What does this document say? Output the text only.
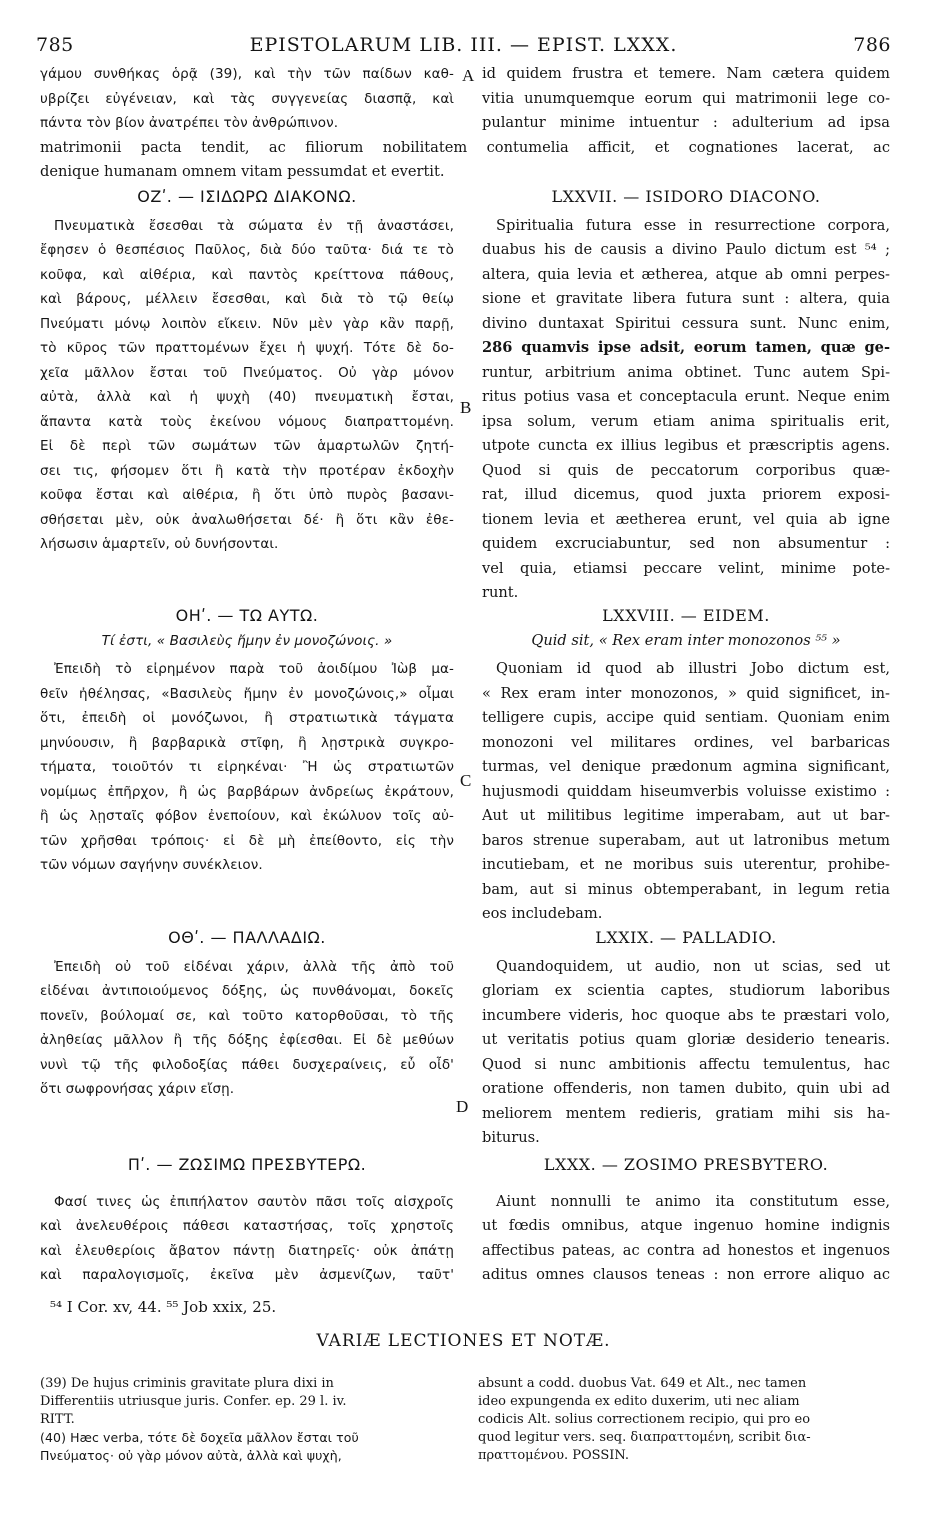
785	EPISTOLARUM LIB. III. — EPIST. LXXX.	786
γάμου συνθήκας ὁρᾷ (39), καὶ τὴν τῶν παίδων καθ-
υβρίζει εὐγένειαν, καὶ τὰς συγγενείας διασπᾷ, καὶ
πάντα τὸν βίον ἀνατρέπει τὸν ἀνθρώπινον.
id quidem frustra et temere. Nam cætera quidem
vitia unumquemque eorum qui matrimonii lege co-
pulantur minime intuentur : adulterium ad ipsa
matrimonii pacta tendit, ac filiorum nobilitatem contumelia afficit, et cognationes lacerat, ac
denique humanam omnem vitam pessumdat et evertit.
ΟΖʹ. — ΙΣΙΔΩΡΩ ΔΙΑΚΟΝΩ.
Πνευματικὰ ἔσεσθαι τὰ σώματα ἐν τῇ ἀναστάσει,
ἔφησεν ὁ θεσπέσιος Παῦλος, διὰ δύο ταῦτα· διά τε τὸ
κοῦφα, καὶ αἰθέρια, καὶ παντὸς κρείττονα πάθους,
καὶ βάρους, μέλλειν ἔσεσθαι, καὶ διὰ τὸ τῷ θείῳ
Πνεύματι μόνῳ λοιπὸν εἴκειν. Νῦν μὲν γὰρ κἂν παρῇ,
τὸ κῦρος τῶν πραττομένων ἔχει ἡ ψυχή. Τότε δὲ δο-
χεῖα μᾶλλον ἔσται τοῦ Πνεύματος. Οὐ γὰρ μόνον
αὐτὰ, ἀλλὰ καὶ ἡ ψυχὴ (40) πνευματικὴ ἔσται,
ἅπαντα κατὰ τοὺς ἐκείνου νόμους διαπραττομένη.
Εἰ δὲ περὶ τῶν σωμάτων τῶν ἁμαρτωλῶν ζητή-
σει τις, φήσομεν ὅτι ἢ κατὰ τὴν προτέραν ἐκδοχὴν
κοῦφα ἔσται καὶ αἰθέρια, ἢ ὅτι ὑπὸ πυρὸς βασανι-
σθήσεται μὲν, οὐκ ἀναλωθήσεται δέ· ἢ ὅτι κἂν ἐθε-
λήσωσιν ἁμαρτεῖν, οὐ δυνήσονται.
LXXVII. — ISIDORO DIACONO.
Spiritualia futura esse in resurrectione corpora,
duabus his de causis a divino Paulo dictum est ⁵⁴ ;
altera, quia levia et ætherea, atque ab omni perpes-
sione et gravitate libera futura sunt : altera, quia
divino duntaxat Spiritui cessura sunt. Nunc enim,
286 quamvis ipse adsit, eorum tamen, quæ ge-
runtur, arbitrium anima obtinet. Tunc autem Spi-
ritus potius vasa et conceptacula erunt. Neque enim
ipsa solum, verum etiam anima spiritualis erit,
utpote cuncta ex illius legibus et præscriptis agens.
Quod si quis de peccatorum corporibus quæ-
rat, illud dicemus, quod juxta priorem exposi-
tionem levia et æetherea erunt, vel quia ab igne
quidem excruciabuntur, sed non absumentur :
vel quia, etiamsi peccare velint, minime pote-
runt.
ΟΗʹ. — ΤΩ ΑΥΤΩ.
Τί ἐστι, « Βασιλεὺς ἤμην ἐν μονοζώνοις. »
Ἐπειδὴ τὸ εἰρημένον παρὰ τοῦ ἀοιδίμου Ἰὼβ μα-
θεῖν ἠθέλησας, «Βασιλεὺς ἤμην ἐν μονοζώνοις,» οἶμαι
ὅτι, ἐπειδὴ οἱ μονόζωνοι, ἢ στρατιωτικὰ τάγματα
μηνύουσιν, ἢ βαρβαρικὰ στῖφη, ἢ λῃστρικὰ συγκρο-
τήματα, τοιοῦτόν τι εἰρηκέναι· Ἢ ὡς στρατιωτῶν
νομίμως ἐπῆρχον, ἢ ὡς βαρβάρων ἀνδρείως ἐκράτουν,
ἢ ὡς λῃσταῖς φόβον ἐνεποίουν, καὶ ἐκώλυον τοῖς αὐ-
τῶν χρῆσθαι τρόποις· εἰ δὲ μὴ ἐπείθοντο, εἰς τὴν
τῶν νόμων σαγήνην συνέκλειον.
LXXVIII. — EIDEM.
Quid sit, « Rex eram inter monozonos ⁵⁵ »
Quoniam id quod ab illustri Jobo dictum est,
« Rex eram inter monozonos, » quid significet, in-
telligere cupis, accipe quid sentiam. Quoniam enim
monozoni vel militares ordines, vel barbaricas
turmas, vel denique prædonum agmina significant,
hujusmodi quiddam hiseumverbis voluisse existimo :
Aut ut militibus legitime imperabam, aut ut bar-
baros strenue superabam, aut ut latronibus metum
incutiebam, et ne moribus suis uterentur, prohibe-
bam, aut si minus obtemperabant, in legum retia
eos includebam.
ΟΘʹ. — ΠΑΛΛΑΔΙΩ.
Ἐπειδὴ οὐ τοῦ εἰδέναι χάριν, ἀλλὰ τῆς ἀπὸ τοῦ
εἰδέναι ἀντιποιούμενος δόξης, ὡς πυνθάνομαι, δοκεῖς
πονεῖν, βούλομαί σε, καὶ τοῦτο κατορθοῦσαι, τὸ τῆς
ἀληθείας μᾶλλον ἢ τῆς δόξης ἐφίεσθαι. Εἰ δὲ μεθύων
νυνὶ τῷ τῆς φιλοδοξίας πάθει δυσχεραίνεις, εὖ οἶδ'
ὅτι σωφρονήσας χάριν εἴσῃ.
LXXIX. — PALLADIO.
Quandoquidem, ut audio, non ut scias, sed ut
gloriam ex scientia captes, studiorum laboribus
incumbere videris, hoc quoque abs te præstari volo,
ut veritatis potius quam gloriæ desiderio tenearis.
Quod si nunc ambitionis affectu temulentus, hac
oratione offenderis, non tamen dubito, quin ubi ad
meliorem mentem redieris, gratiam mihi sis ha-
biturus.
Πʹ. — ΖΩΣΙΜΩ ΠΡΕΣΒΥΤΕΡΩ.
Φασί τινες ὡς ἐπιπήλατον σαυτὸν πᾶσι τοῖς αἰσχροῖς
καὶ ἀνελευθέροις πάθεσι καταστήσας, τοῖς χρηστοῖς
καὶ ἐλευθερίοις ἄβατον πάντῃ διατηρεῖς· οὐκ ἀπάτῃ
καὶ παραλογισμοῖς, ἐκεῖνα μὲν ἀσμενίζων, ταῦτ'
LXXX. — ZOSIMO PRESBYTERO.
Aiunt nonnulli te animo ita constitutum esse,
ut fœdis omnibus, atque ingenuo homine indignis
affectibus pateas, ac contra ad honestos et ingenuos
aditus omnes clausos teneas : non errore aliquo ac
A
B
C
D
⁵⁴ I Cor. xv, 44. ⁵⁵ Job xxix, 25.
VARIÆ LECTIONES ET NOTÆ.
(39) De hujus criminis gravitate plura dixi in
Differentiis utriusque juris. Confer. ep. 29 l. iv.
RITT.
(40) Hæc verba, τότε δὲ δοχεῖα μᾶλλον ἔσται τοῦ
Πνεύματος· οὐ γὰρ μόνον αὐτὰ, ἀλλὰ καὶ ψυχὴ,
absunt a codd. duobus Vat. 649 et Alt., nec tamen
ideo expungenda ex edito duxerim, uti nec aliam
codicis Alt. solius correctionem recipio, qui pro eo
quod legitur vers. seq. διαπραττομένη, scribit δια-
πραττομένου. POSSIN.
